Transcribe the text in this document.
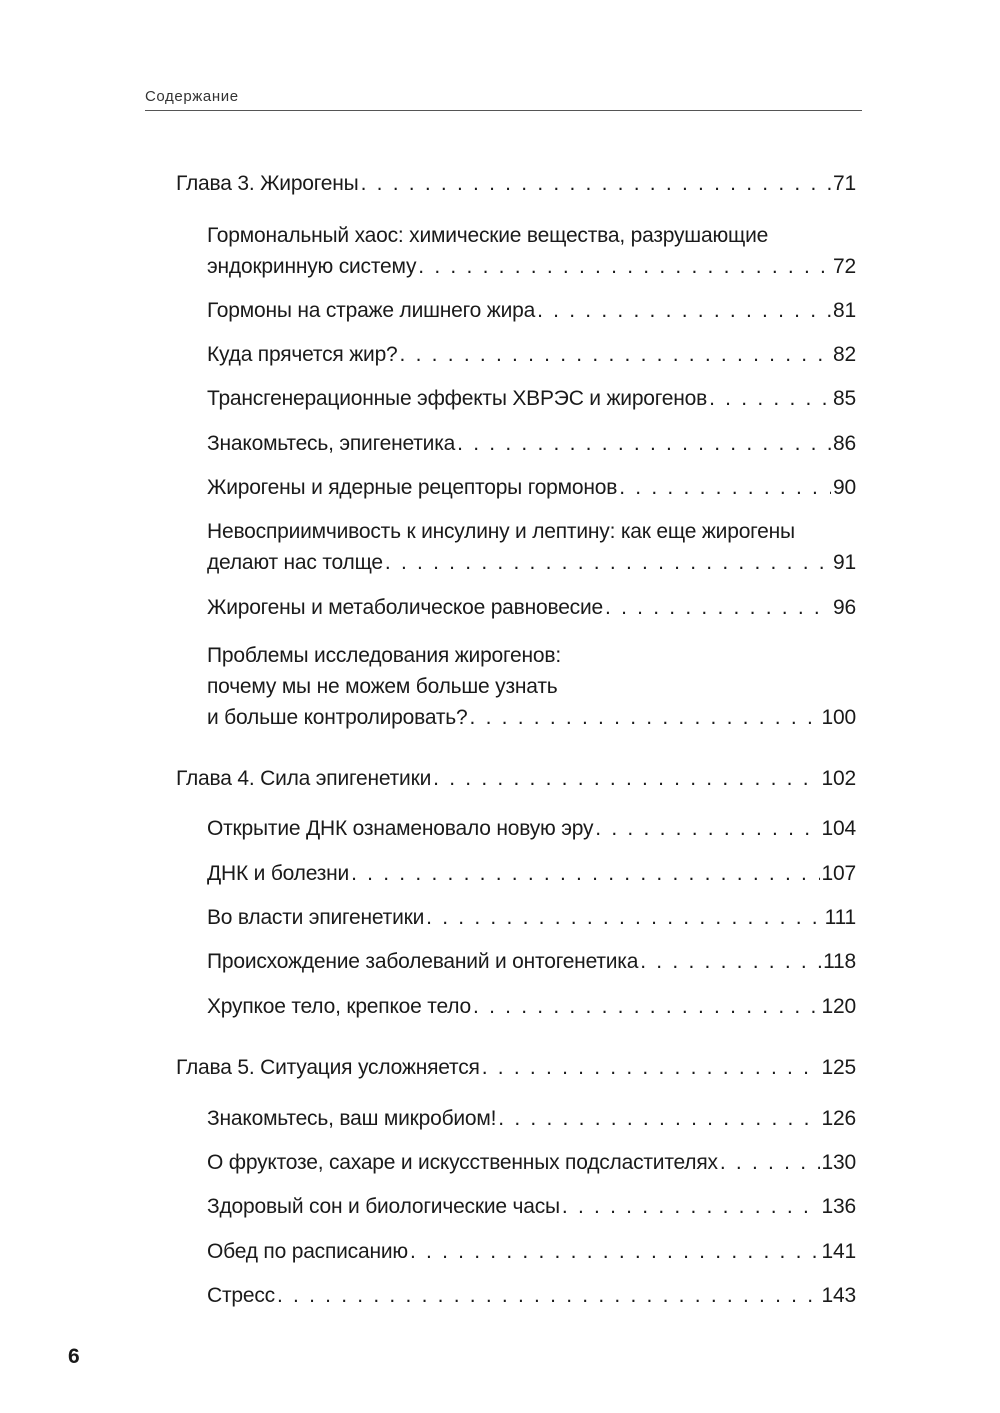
Содержание
Глава 3. Жирогены . . .	71
Гормональный хаос: химические вещества, разрушающие
эндокринную систему . . .	72
Гормоны на страже лишнего жира . . .	81
Куда прячется жир? . . .	82
Трансгенерационные эффекты ХВРЭС и жирогенов . . .	85
Знакомьтесь, эпигенетика . . .	86
Жирогены и ядерные рецепторы гормонов . . .	90
Невосприимчивость к инсулину и лептину: как еще жирогены
делают нас толще . . .	91
Жирогены и метаболическое равновесие . . .	96
Проблемы исследования жирогенов:
почему мы не можем больше узнать
и больше контролировать? . . .	100
Глава 4. Сила эпигенетики . . .	102
Открытие ДНК ознаменовало новую эру . . .	104
ДНК и болезни . . .	107
Во власти эпигенетики . . .	111
Происхождение заболеваний и онтогенетика . . .	118
Хрупкое тело, крепкое тело . . .	120
Глава 5. Ситуация усложняется . . .	125
Знакомьтесь, ваш микробиом! . . .	126
О фруктозе, сахаре и искусственных подсластителях . . .	130
Здоровый сон и биологические часы . . .	136
Обед по расписанию . . .	141
Стресс . . .	143
6
